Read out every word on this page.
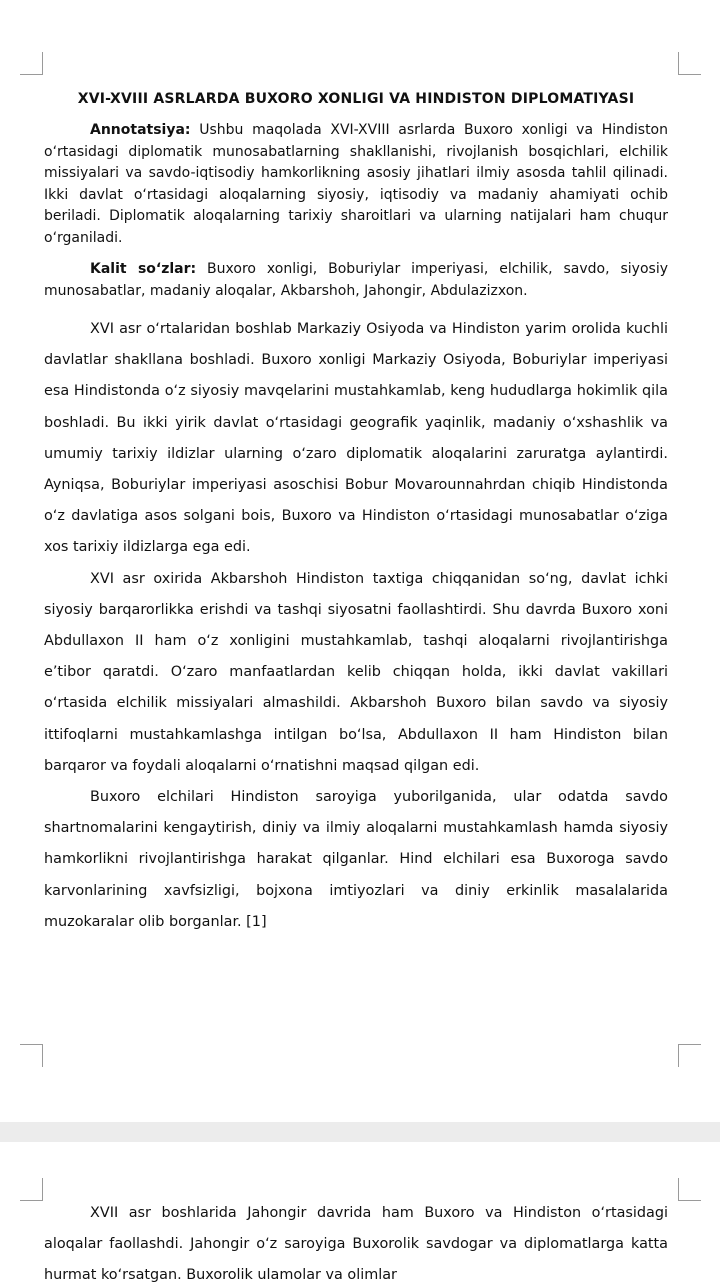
XVI-XVIII ASRLARDA BUXORO XONLIGI VA HINDISTON DIPLOMATIYASI

Annotatsiya: Ushbu maqolada XVI-XVIII asrlarda Buxoro xonligi va Hindiston o‘rtasidagi diplomatik munosabatlarning shakllanishi, rivojlanish bosqichlari, elchilik missiyalari va savdo-iqtisodiy hamkorlikning asosiy jihatlari ilmiy asosda tahlil qilinadi. Ikki davlat o‘rtasidagi aloqalarning siyosiy, iqtisodiy va madaniy ahamiyati ochib beriladi. Diplomatik aloqalarning tarixiy sharoitlari va ularning natijalari ham chuqur o‘rganiladi.

Kalit so‘zlar: Buxoro xonligi, Boburiylar imperiyasi, elchilik, savdo, siyosiy munosabatlar, madaniy aloqalar, Akbarshoh, Jahongir, Abdulazizxon.

XVI asr o‘rtalaridan boshlab Markaziy Osiyoda va Hindiston yarim orolida kuchli davlatlar shakllana boshladi. Buxoro xonligi Markaziy Osiyoda, Boburiylar imperiyasi esa Hindistonda o‘z siyosiy mavqelarini mustahkamlab, keng hududlarga hokimlik qila boshladi. Bu ikki yirik davlat o‘rtasidagi geografik yaqinlik, madaniy o‘xshashlik va umumiy tarixiy ildizlar ularning o‘zaro diplomatik aloqalarini zaruratga aylantirdi. Ayniqsa, Boburiylar imperiyasi asoschisi Bobur Movarounnahrdan chiqib Hindistonda o‘z davlatiga asos solgani bois, Buxoro va Hindiston o‘rtasidagi munosabatlar o‘ziga xos tarixiy ildizlarga ega edi.

XVI asr oxirida Akbarshoh Hindiston taxtiga chiqqanidan so‘ng, davlat ichki siyosiy barqarorlikka erishdi va tashqi siyosatni faollashtirdi. Shu davrda Buxoro xoni Abdullaxon II ham o‘z xonligini mustahkamlab, tashqi aloqalarni rivojlantirishga e’tibor qaratdi. O‘zaro manfaatlardan kelib chiqqan holda, ikki davlat vakillari o‘rtasida elchilik missiyalari almashildi. Akbarshoh Buxoro bilan savdo va siyosiy ittifoqlarni mustahkamlashga intilgan bo‘lsa, Abdullaxon II ham Hindiston bilan barqaror va foydali aloqalarni o‘rnatishni maqsad qilgan edi.

Buxoro elchilari Hindiston saroyiga yuborilganida, ular odatda savdo shartnomalarini kengaytirish, diniy va ilmiy aloqalarni mustahkamlash hamda siyosiy hamkorlikni rivojlantirishga harakat qilganlar. Hind elchilari esa Buxoroga savdo karvonlarining xavfsizligi, bojxona imtiyozlari va diniy erkinlik masalalarida muzokaralar olib borganlar. [1]

XVII asr boshlarida Jahongir davrida ham Buxoro va Hindiston o‘rtasidagi aloqalar faollashdi. Jahongir o‘z saroyiga Buxorolik savdogar va diplomatlarga katta hurmat ko‘rsatgan. Buxorolik ulamolar va olimlar
